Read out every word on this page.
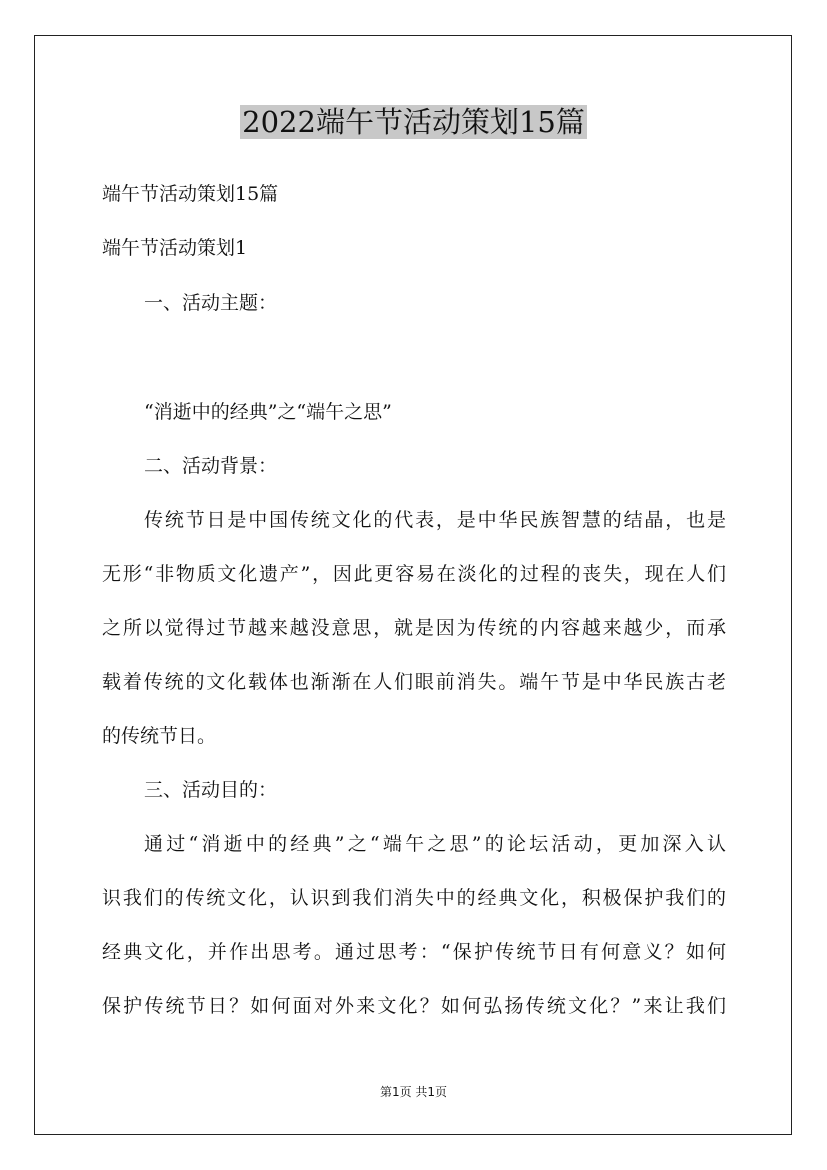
2022端午节活动策划15篇
端午节活动策划15篇
端午节活动策划1
一、活动主题：
“消逝中的经典”之“端午之思”
二、活动背景：
传统节日是中国传统文化的代表，是中华民族智慧的结晶，也是
无形“非物质文化遗产”，因此更容易在淡化的过程的丧失，现在人们
之所以觉得过节越来越没意思，就是因为传统的内容越来越少，而承
载着传统的文化载体也渐渐在人们眼前消失。端午节是中华民族古老
的传统节日。
三、活动目的：
通过“消逝中的经典”之“端午之思”的论坛活动，更加深入认
识我们的传统文化，认识到我们消失中的经典文化，积极保护我们的
经典文化，并作出思考。通过思考：“保护传统节日有何意义？如何
保护传统节日？如何面对外来文化？如何弘扬传统文化？”来让我们
第1页 共1页
